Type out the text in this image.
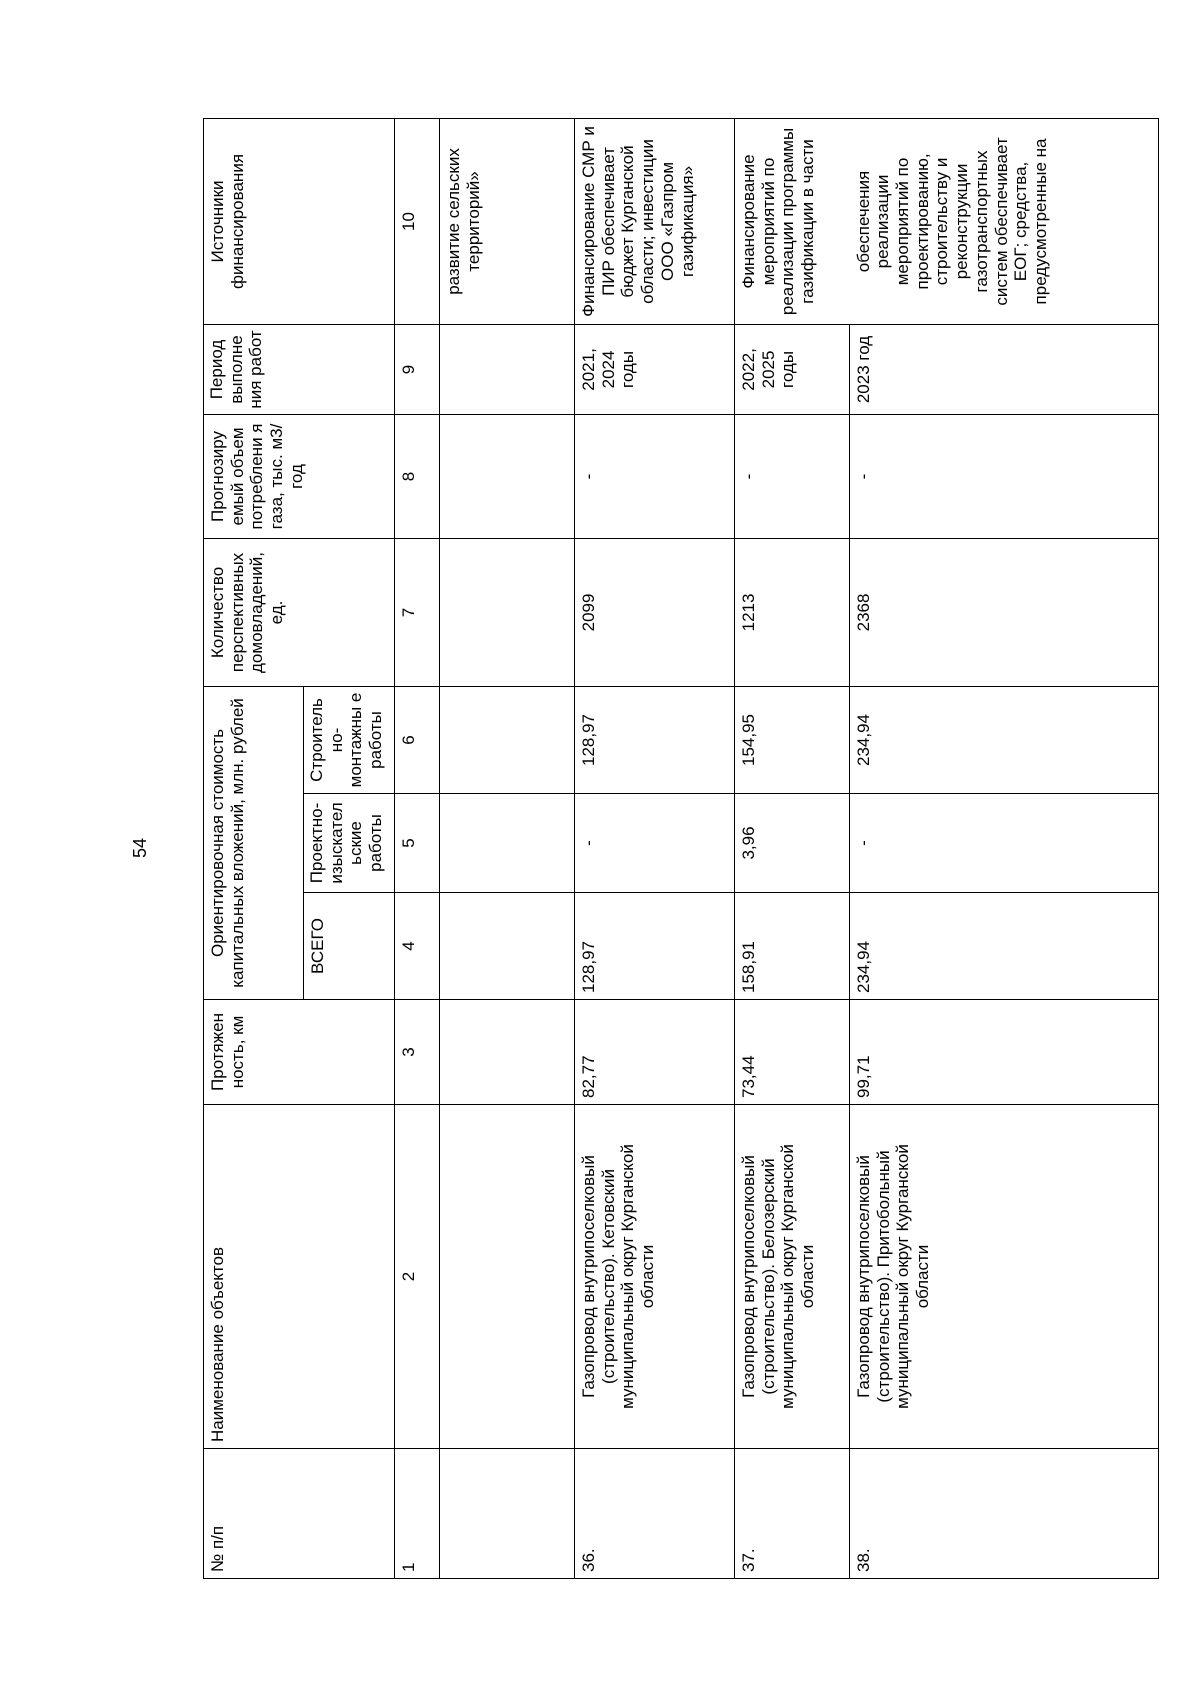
54
№ п/п	Наименование объектов	Протяжен ность, км	Ориентировочная стоимость капитальных вложений, млн. рублей			Количество перспективных домовладений, ед.	Прогнозиру емый объем потреблени я газа, тыс. м3/год	Период выполне ния работ	Источники финансирования
			ВСЕГО	Проектно-изыскател ьские работы	Строитель но-монтажны е работы				
1	2	3	4	5	6	7	8	9	10
									развитие сельских территорий»
36.	Газопровод внутрипоселковый (строительство). Кетовский муниципальный округ Курганской области	82,77	128,97	-	128,97	2099	-	2021, 2024 годы	Финансирование СМР и ПИР обеспечивает бюджет Курганской области; инвестиции ООО «Газпром газификация»
37.	Газопровод внутрипоселковый (строительство). Белозерский муниципальный округ Курганской области	73,44	158,91	3,96	154,95	1213	-	2022, 2025 годы	Финансирование мероприятий по реализации программы газификации в части
38.	Газопровод внутрипоселковый (строительство). Притобольный муниципальный округ Курганской области	99,71	234,94	-	234,94	2368	-	2023 год	обеспечения реализации мероприятий по проектированию, строительству и реконструкции газотранспортных систем обеспечивает ЕОГ; средства, предусмотренные на
